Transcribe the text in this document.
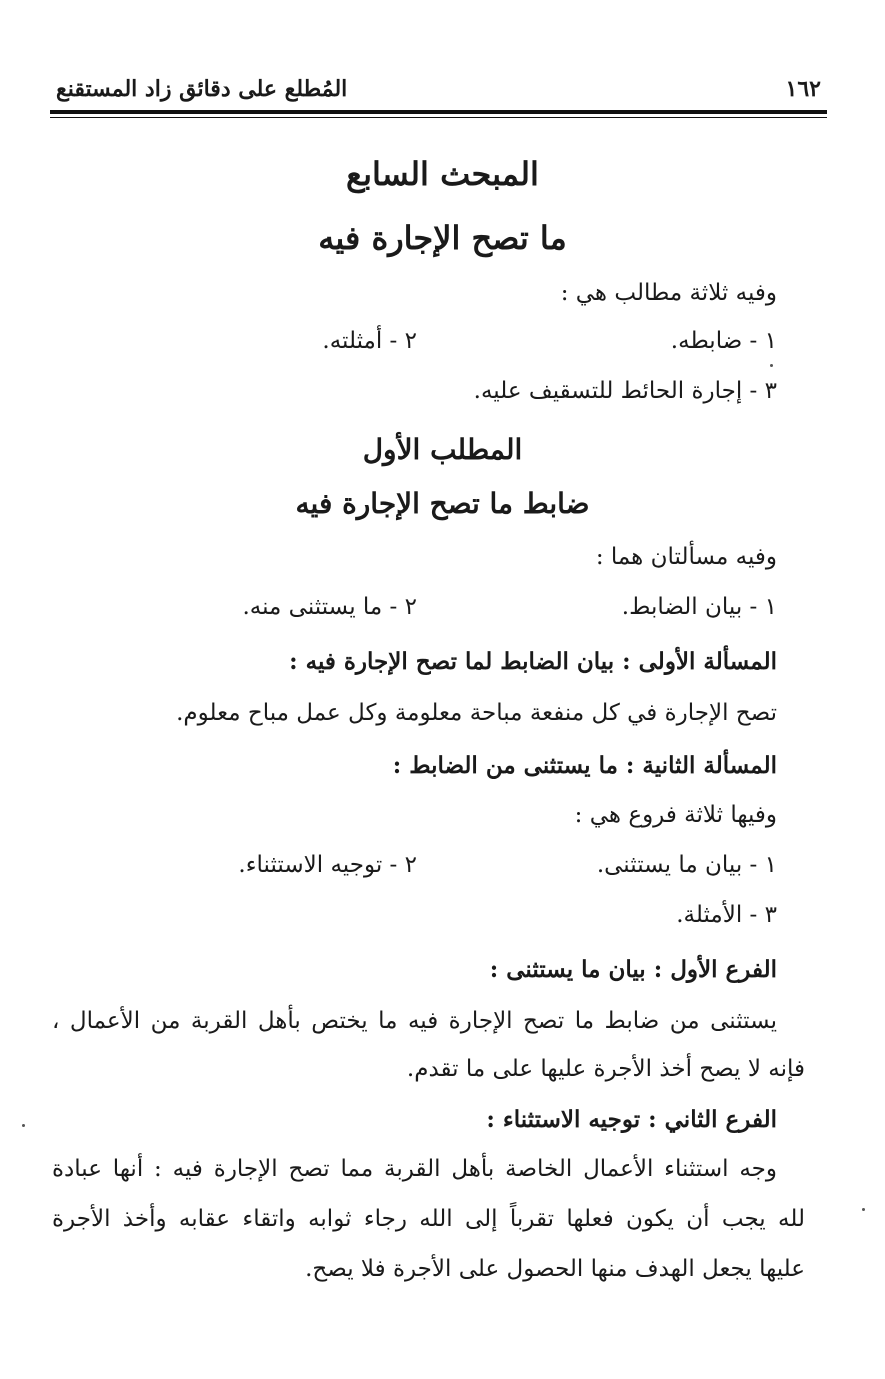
١٦٢
المُطلع على دقائق زاد المستقنع
المبحث السابع
ما تصح الإجارة فيه
وفيه ثلاثة مطالب هي :
١ - ضابطه.
٢ - أمثلته.
٣ - إجارة الحائط للتسقيف عليه.
المطلب الأول
ضابط ما تصح الإجارة فيه
وفيه مسألتان هما :
١ - بيان الضابط.
٢ - ما يستثنى منه.
المسألة الأولى : بيان الضابط لما تصح الإجارة فيه :
تصح الإجارة في كل منفعة مباحة معلومة وكل عمل مباح معلوم.
المسألة الثانية : ما يستثنى من الضابط :
وفيها ثلاثة فروع هي :
١ - بيان ما يستثنى.
٢ - توجيه الاستثناء.
٣ - الأمثلة.
الفرع الأول : بيان ما يستثنى :
يستثنى من ضابط ما تصح الإجارة فيه ما يختص بأهل القربة من الأعمال ،
فإنه لا يصح أخذ الأجرة عليها على ما تقدم.
الفرع الثاني : توجيه الاستثناء :
وجه استثناء الأعمال الخاصة بأهل القربة مما تصح الإجارة فيه : أنها عبادة
لله يجب أن يكون فعلها تقرباً إلى الله رجاء ثوابه واتقاء عقابه وأخذ الأجرة
عليها يجعل الهدف منها الحصول على الأجرة فلا يصح.
